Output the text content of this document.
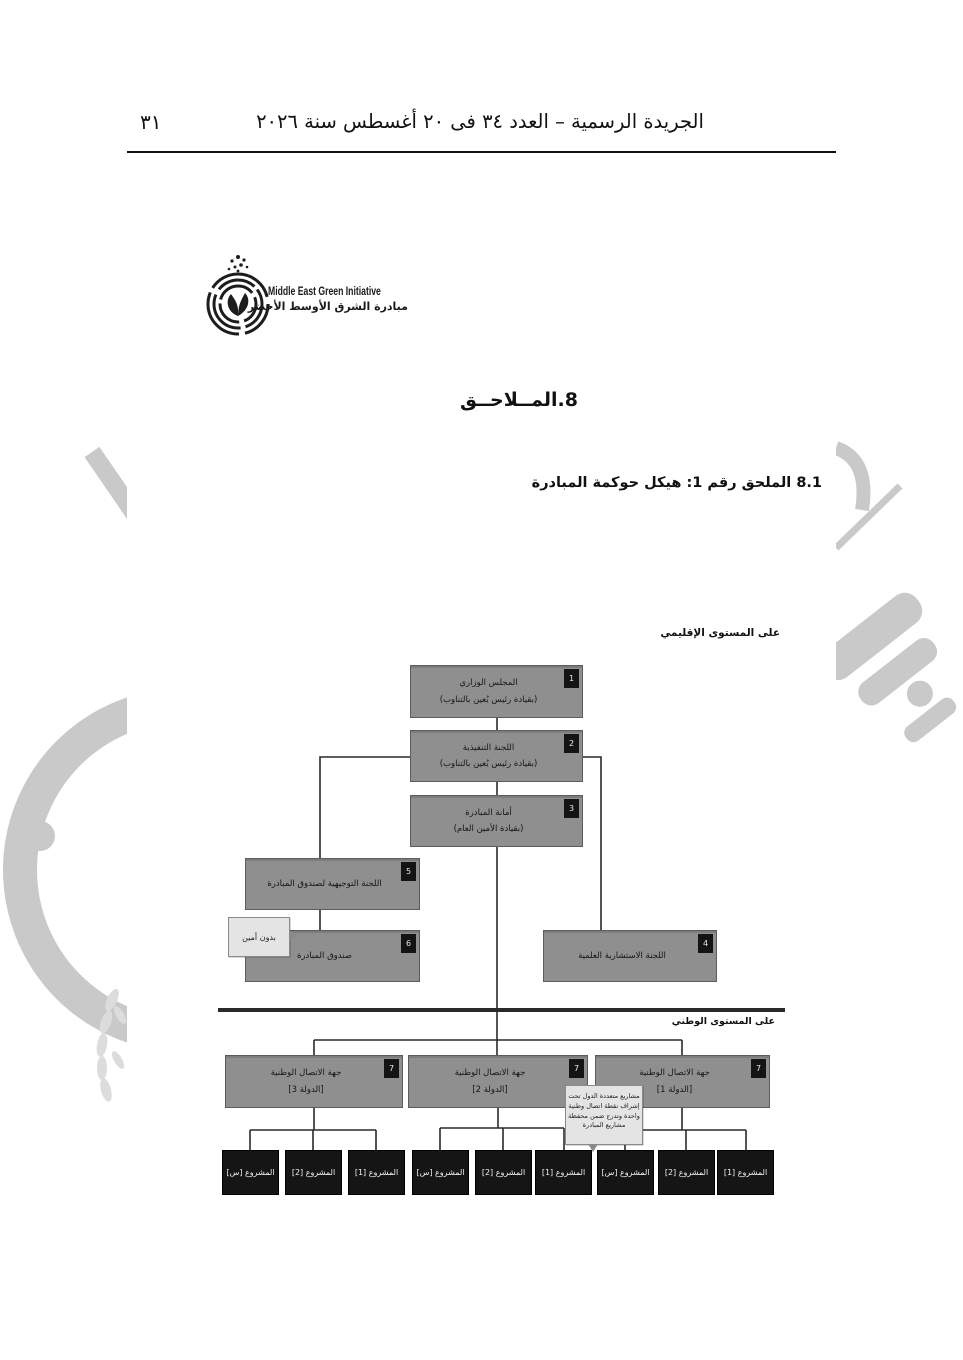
الجريدة الرسمية – العدد ٣٤ فى ٢٠ أغسطس سنة ٢٠٢٦
٣١
Middle East Green Initiative
مبادرة الشرق الأوسط الأخضر
8.المــلاحــق
8.1 الملحق رقم 1: هيكل حوكمة المبادرة
على المستوى الإقليمي
على المستوى الوطني
1
المجلس الوزاري
(بقيادة رئيس يُعين بالتناوب)
2
اللجنة التنفيذية
(بقيادة رئيس يُعين بالتناوب)
3
أمانة المبادرة
(بقيادة الأمين العام)
4
اللجنة الاستشارية العلمية
5
اللجنة التوجيهية لصندوق المبادرة
6
صندوق المبادرة
بدون أمين
7
جهة الاتصال الوطنية
[الدولة 1]
7
جهة الاتصال الوطنية
[الدولة 2]
7
جهة الاتصال الوطنية
[الدولة 3]
المشروع [1]
المشروع [2]
المشروع [س]
المشروع [1]
المشروع [2]
المشروع [س]
المشروع [1]
المشروع [2]
المشروع [س]
مشاريع متعددة الدول تحت
إشراف نقطة اتصال وطنية
واحدة وتدرج ضمن محفظة
مشاريع المبادرة
